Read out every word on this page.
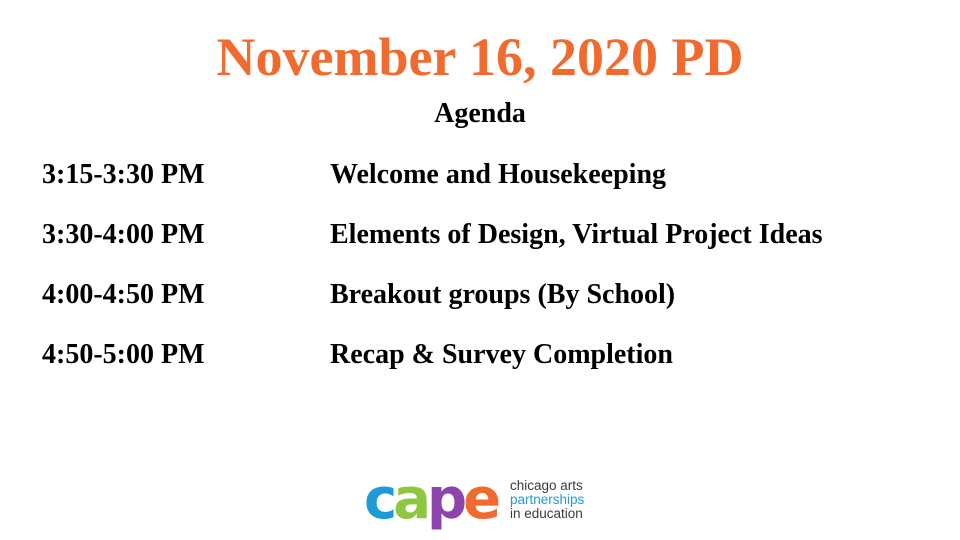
November 16, 2020 PD
Agenda
3:15-3:30 PM	Welcome and Housekeeping
3:30-4:00 PM	Elements of Design, Virtual Project Ideas
4:00-4:50 PM	Breakout groups (By School)
4:50-5:00 PM	Recap & Survey Completion
cape chicago arts
partnerships
in education
